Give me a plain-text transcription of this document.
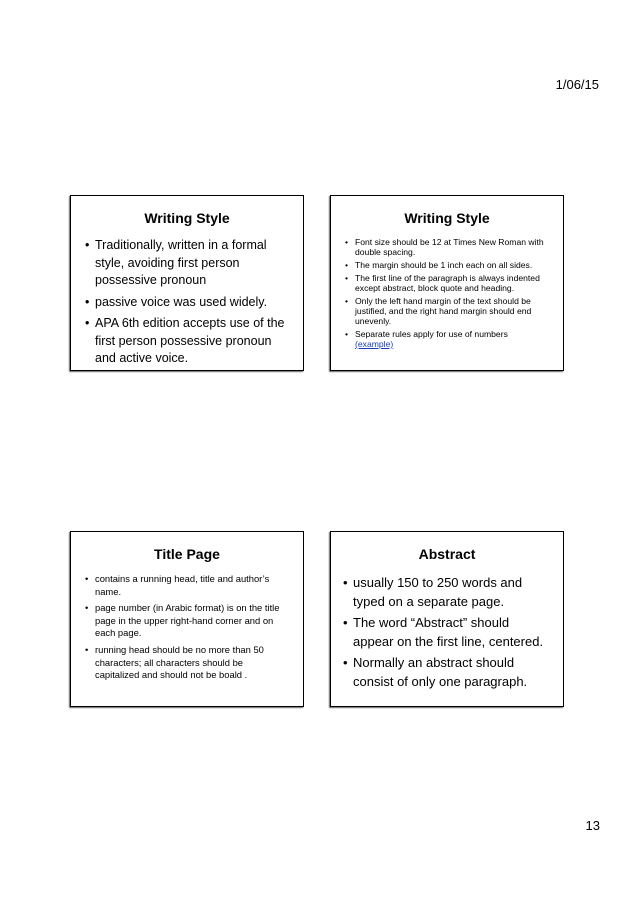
1/06/15
Writing Style
• Traditionally, written in a formal style, avoiding first person possessive pronoun
• passive voice was used widely.
• APA 6th edition accepts use of the first person possessive pronoun and active voice.
Writing Style
• Font size should be 12 at Times New Roman with double spacing.
• The margin should be 1 inch each on all sides.
• The first line of the paragraph is always indented except abstract, block quote and heading.
• Only the left hand margin of the text should be justified, and the right hand margin should end unevenly.
• Separate rules apply for use of numbers
(example)
Title Page
• contains a running head, title and author’s name.
• page number (in Arabic format) is on the title page in the upper right-hand corner and on each page.
• running head should be no more than 50 characters; all characters should be capitalized and should not be boald .
Abstract
• usually 150 to 250 words and typed on a separate page.
• The word “Abstract” should appear on the first line, centered.
• Normally an abstract should consist of only one paragraph.
13
